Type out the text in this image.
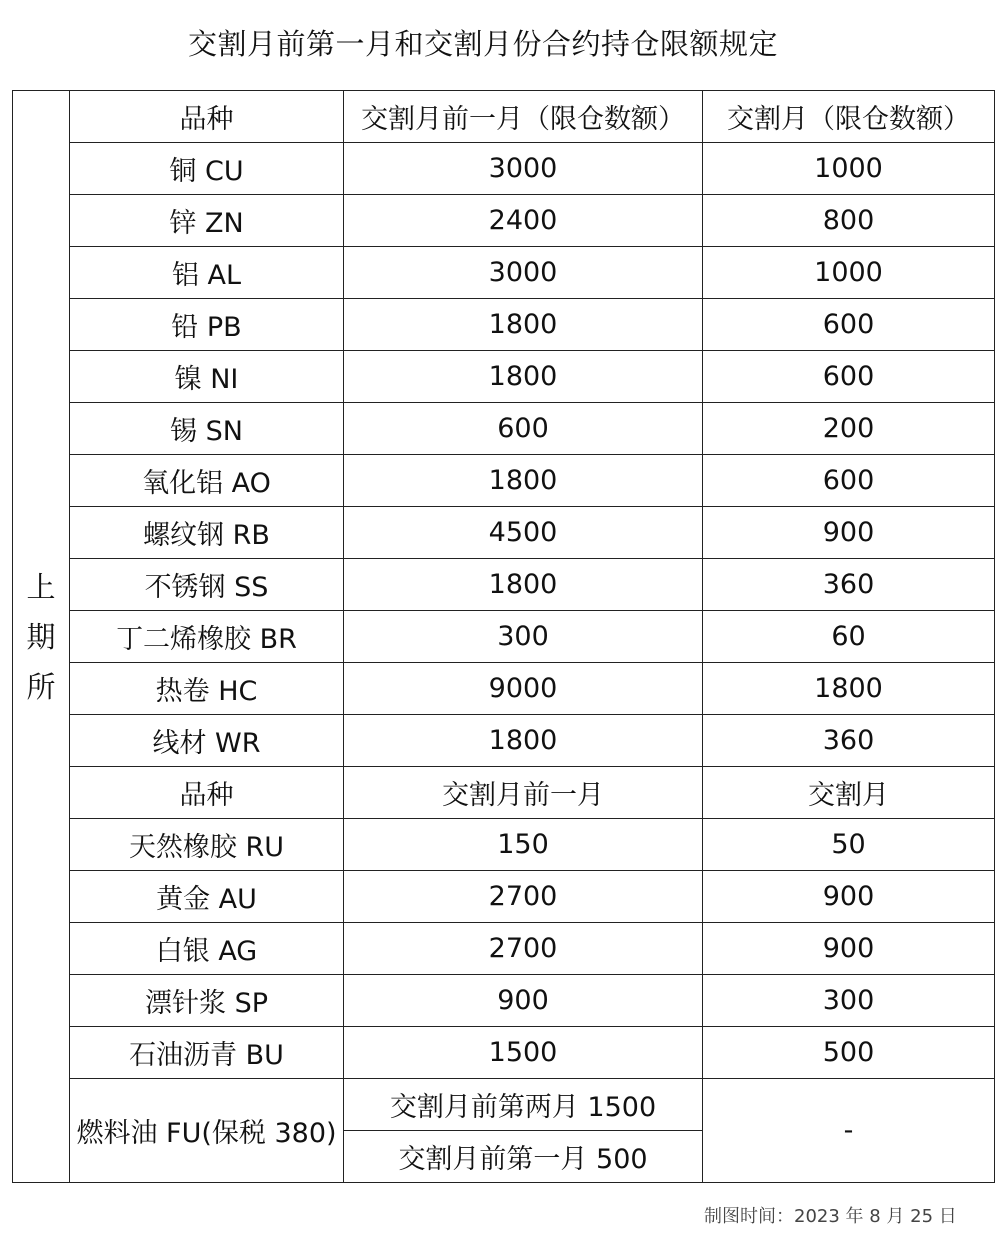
交割月前第一月和交割月份合约持仓限额规定
上
期
所	品种	交割月前一月（限仓数额）	交割月（限仓数额）
	铜 CU	3000	1000
	锌 ZN	2400	800
	铝 AL	3000	1000
	铅 PB	1800	600
	镍 NI	1800	600
	锡 SN	600	200
	氧化铝 AO	1800	600
	螺纹钢 RB	4500	900
	不锈钢 SS	1800	360
	丁二烯橡胶 BR	300	60
	热卷 HC	9000	1800
	线材 WR	1800	360
	品种	交割月前一月	交割月
	天然橡胶 RU	150	50
	黄金 AU	2700	900
	白银 AG	2700	900
	漂针浆 SP	900	300
	石油沥青 BU	1500	500
	燃料油 FU(保税 380)	交割月前第两月 1500	-
		交割月前第一月 500	
制图时间：2023 年 8 月 25 日
